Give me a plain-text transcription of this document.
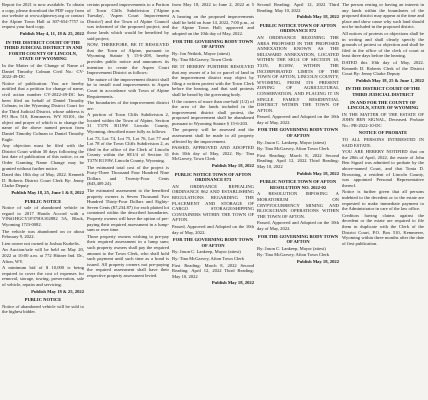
Report for 2021 is now available. To obtain a copy, please download the PDF copy from our website at www.alpinewy.org or contact the Alpine Town Hall at 307-654-7757 to request your hard copy.

Publish May 4, 11, 18 & 25, 2022

IN THE DISTRICT COURT OF THE THIRD JUDICIAL DISTRICT IN AND FORTH COUNTY OF LINCOLN, STATE OF WYOMING

In the Matter of the Change of Name of Daniel Timothy Colman Civil No.: CV-2022-49-DC

Notice of publication: You are hereby notified that a petition for change of name, civil action number CV-2022-49-DC has been filed on behalf of Daniel Timothy Colman, in the Wyoming District Court for the Third Judicial District, whose address is PO Box 510, Kemmerer, WY 83101, the object and prayer of which is to change the name of the above named person from Daniel Timothy Colman to Daniel Timothy Eagle.

Any objection must be filed with the District Court within 30 days following the last date of publication of this notice, or an Order Granting Name Change may be granted without further notice.

Dated this 18th day of May, 2022. Kenneth D. Roberts District Court Clerk By: Jenny Clarke Deputy

Publish May 18, 25, June 1 & 8, 2022

PUBLIC NOTICE

Notice of sale of abandoned vehicle in regard to 2017 Honda Accord with a VIN#1HGCV1F37HA102882 5A, Black, Wyoming 17J3-0082.

The vehicle was abandoned on or about February 9, 2022.

Lien owner not owned to Joshua Kurkelis.

An Auction/sale will be held on May 20, 2022 at 10:00 a.m. at 772 Hittner Ind. Dr., Afton, WY.

A minimum bid of $ 10,000 is being required to cover the cost of expenses for removal, storage, towing, preservation, sale of vehicle, repairs and servicing.

Publish May 18 & 25, 2022

PUBLIC NOTICE

Notice of abandoned vehicle will be sold to the highest bidder.

certain proposed improvements to a Portion of Town Cliffs Subdivision ('Alpine Tuesday', 'Aspen Court Improvement District') and the Town of Alpine Council was informed of the proposed project; and those lands which would be benefited by said project;

NOW, THEREFORE, BE IT RESOLVED that the Town of Alpine, pursuant to Wyoming Statute § 15-6-208, hereby provides public notice and announces its intention to create the Aspen Court Improvement District as follows:

The nature of the improvement district shall be to install road improvements to Aspen Court in accordance with Town of Alpine Requirements.

The boundaries of the improvement district are:

A portion of Town Cliffs Subdivision 2, located within the Town of Alpine, Section 31 T37N R119W Lincoln County, Wyoming, described more fully as follows:

Lot 73, Lot 74, Lot 75, Lot 76, Lot 77 and Lot 78 of the Town Cliffs Subdivision 2, as filed in the office of the Clerk of Lincoln County within the SE1/4 of Section 31 T37N R119W, Lincoln County, Wyoming.

The estimated total cost of the project is Forty-Three Thousand Four Hundred Nine Dollars and Twenty-Four Cents ($43,409.24).

The estimated assessment to the benefited property owners is Seven Thousand Two Hundred Thirty-Four Dollars and Eighty-Seven Cents ($7,234.87) for each platted lot contained within the described boundaries. Property owners will have the option of pre-paying their required assessment in a lump-sum or over time.

Those property owners wishing to pre-pay their required assessment in a lump sum; such property owners shall pay the required amount to the Town Clerk, who shall hold such payment until such time as a bond is issued. All property owners not pre-paying the required assessment shall have their respective property assessment levied.

from May 18, 2022 to June 2, 2022 at 5 p.m.

A hearing on the proposed improvements shall be held on June 14, 2022, 7:00 p.m., at the Alpine Town Hall; approved and adopted on the 10th day of May, 2022.

FOR THE GOVERNING BODY TOWN OF AFTON

By: Jon Neikirk, Mayor (attest)

By: Tina McGarvey, Town Clerk

BE IT HEREBY FURTHER RESOLVED that any owner of a lot or parcel of land in the improvement district may object by filing a written protest with the Town Clerk before the hearing, and that said protests shall be heard by the governing body.

If the owners of more than one-half (1/2) of the area of the lands included in the improvement district shall protest, the proposed improvement shall be abandoned pursuant to Wyoming Statute § 15-6-203.

The property will be assessed and the assessment shall be made to all property affected by the improvement.

PASSED, APPROVED AND ADOPTED this 10th day of May, 2022. By: Tina McGarvey, Town Clerk

Publish May 18, 2022

PUBLIC NOTICE TOWN OF AFTON ORDINANCE 873

AN ORDINANCE REPEALING ORDINANCE 862 AND ESTABLISHING REGULATIONS REGARDING THE PLACEMENT AND STORAGE OF CARGO STORAGE/SHIPPING CONTAINERS WITHIN THE TOWN OF AFTON.

Passed, Approved and Adopted on the 10th day of May, 2022.

FOR THE GOVERNING BODY TOWN OF AFTON

By: Jason C. Lankeep, Mayor (attest)

By: Tina McGarvey, Afton Town Clerk

First Reading: March 8, 2022 Second Reading: April 12, 2022 Third Reading: May 10, 2022

Publish May 18, 2022

Second Reading: April 12, 2022 Third Reading: May 10, 2022

Publish May 18, 2022

PUBLIC NOTICE TOWN OF AFTON ORDINANCE 872

AN ORDINANCE REZONING THE AREA PROPOSED IN THE PROPOSED ANNEXATION KNOWN AS THE MILLWARD ANNEXATION, LOCATED WITHIN THE SE1/4 OF SECTION 18, T31N, R118W, WITHIN THE INCORPORATED LIMITS OF THE TOWN OF AFTON, LINCOLN COUNTY, WYOMING, FROM ITS PRESENT ZONING OF AGRICULTURAL CONSERVATION, AND PLACING IT IN SINGLE FAMILY RESIDENTIAL DISTRICT WITHIN THE TOWN OF AFTON.

Passed, Approved and Adopted on the 10th day of May, 2022.

FOR THE GOVERNING BODY TOWN OF AFTON

By: Jason C. Lankeep, Mayor (attest)

By: Tina McGarvey, Afton Town Clerk

First Reading: March 8, 2022 Second Reading: April 12, 2022 Third Reading: May 10, 2022

Publish May 18, 2022

PUBLIC NOTICE TOWN OF AFTON RESOLUTION NO. 2022-02

A RESOLUTION IMPOSING A MORATORIUM ON CRYPTOCURRENCY MINING AND BLOCKCHAIN OPERATIONS WITHIN THE TOWN OF AFTON.

Passed, Approved and Adopted on the 10th day of May, 2022.

FOR THE GOVERNING BODY TOWN OF AFTON

By: Jason C. Lankeep, Mayor (attest)

By: Tina McGarvey, Afton Town Clerk

Publish May 18, 2022

The person resting or having an interest in any lands within the boundaries of the proposed district may appear at the time and place and show cause why such land should not be included in the proposed district.

All notices of protests or objections shall be in writing and shall clearly specify the grounds of protest or objection and shall be filed in the office of the clerk of court at least three days before the hearing.

DATED this 10th day of May, 2022. Kenneth D. Roberts Clerk of the District Court By: Jenny Clarke Deputy

Publish May 18, 25 & June 1, 2022

IN THE DISTRICT COURT OF THE THIRD JUDICIAL DISTRICT

IN AND FOR THE COUNTY OF LINCOLN, STATE OF WYOMING

IN THE MATTER OF THE ESTATE OF JOHN BEN SIGNAL, Deceased. Probate No.: PR-2022-10-DC

NOTICE OF PROBATE

TO ALL PERSONS INTERESTED IN SAID ESTATE:

YOU ARE HEREBY NOTIFIED that on the 28th of April, 2022, the estate of John Ben Signal was admitted to probate by the above-named Court, and that Tonia D. Browning, a resident of Lincoln County, was appointed Personal Representative thereof.

Notice is further given that all persons indebted to the decedent or to the estate are requested to make immediate payment to the Administrator in care of the law office.

Creditors having claims against the decedent or the estate are required to file them in duplicate with the Clerk of the District Court, P.O. Box 510, Kemmerer, Wyoming within three months after the date of first publication.
